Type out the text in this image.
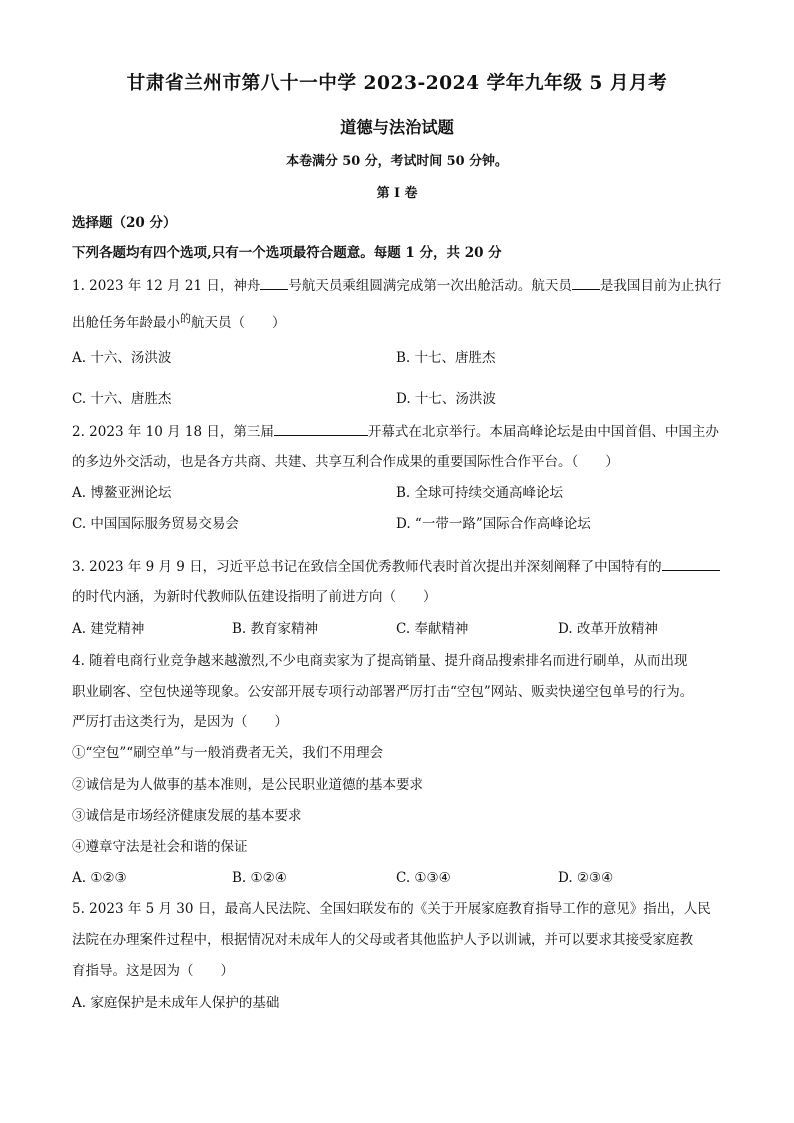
甘肃省兰州市第八十一中学 2023-2024 学年九年级 5 月月考
道德与法治试题
本卷满分 50 分，考试时间 50 分钟。
第 I 卷
选择题（20 分）
下列各题均有四个选项,只有一个选项最符合题意。每题 1 分，共 20 分
1. 2023 年 12 月 21 日，神舟 号航天员乘组圆满完成第一次出舱活动。航天员 是我国目前为止执行
出舱任务年龄最小$^的$航天员（　　）
A. 十六、汤洪波	B. 十七、唐胜杰
C. 十六、唐胜杰	D. 十七、汤洪波
2. 2023 年 10 月 18 日，第三届	开幕式在北京举行。本届高峰论坛是由中国首倡、中国主办
的多边外交活动，也是各方共商、共建、共享互利合作成果的重要国际性合作平台。（　　）
A. 博鳌亚洲论坛	B. 全球可持续交通高峰论坛
C. 中国国际服务贸易交易会	D. “一带一路”国际合作高峰论坛
3. 2023 年 9 月 9 日，习近平总书记在致信全国优秀教师代表时首次提出并深刻阐释了中国特有的
的时代内涵，为新时代教师队伍建设指明了前进方向（　　）
A. 建党精神	B. 教育家精神	C. 奉献精神	D. 改革开放精神
4. 随着电商行业竞争越来越激烈,不少电商卖家为了提高销量、提升商品搜索排名而进行刷单，从而出现
职业刷客、空包快递等现象。公安部开展专项行动部署严厉打击“空包”网站、贩卖快递空包单号的行为。
严厉打击这类行为，是因为（　　）
①“空包”“刷空单”与一般消费者无关，我们不用理会
②诚信是为人做事的基本准则，是公民职业道德的基本要求
③诚信是市场经济健康发展的基本要求
④遵章守法是社会和谐的保证
A. ①②③	B. ①②④	C. ①③④	D. ②③④
5. 2023 年 5 月 30 日，最高人民法院、全国妇联发布的《关于开展家庭教育指导工作的意见》指出，人民
法院在办理案件过程中，根据情况对未成年人的父母或者其他监护人予以训诫，并可以要求其接受家庭教
育指导。这是因为（　　）
A. 家庭保护是未成年人保护的基础
